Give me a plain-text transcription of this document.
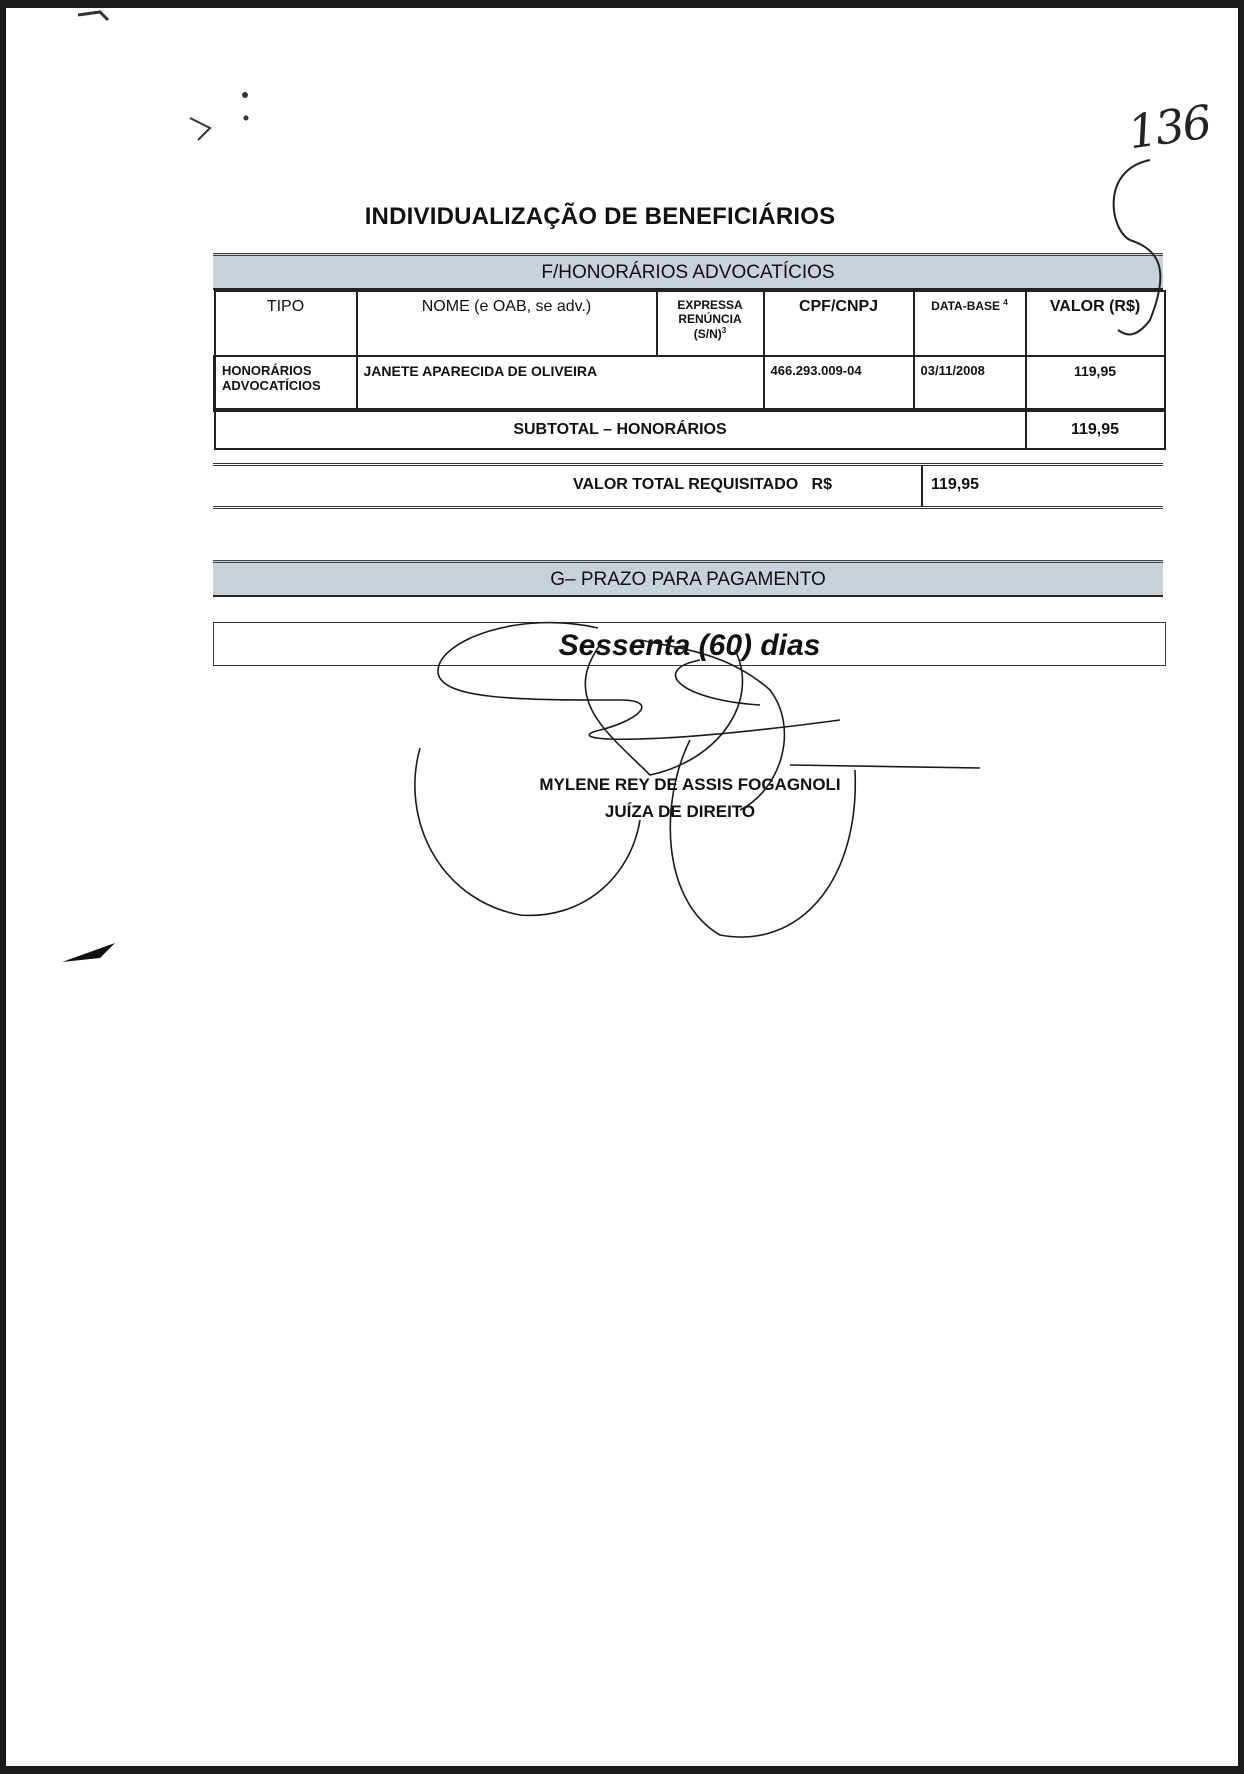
136
INDIVIDUALIZAÇÃO DE BENEFICIÁRIOS
F/HONORÁRIOS ADVOCATÍCIOS
TIPO	NOME (e OAB, se adv.)	EXPRESSA
RENÚNCIA
$(S/N)^3$	CPF/CNPJ	DATA-BASE $^4$	VALOR (R$)

HONORÁRIOS
ADVOCATÍCIOS	JANETE APARECIDA DE OLIVEIRA		466.293.009-04	03/11/2008	119,95
SUBTOTAL – HONORÁRIOS					119,95
VALOR TOTAL REQUISITADO   R$	119,95
G– PRAZO PARA PAGAMENTO
Sessenta (60) dias
MYLENE REY DE ASSIS FOGAGNOLI
JUÍZA DE DIREITO
